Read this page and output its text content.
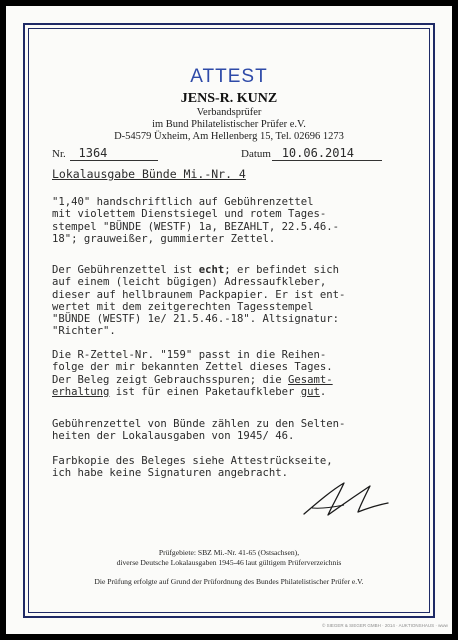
ATTEST
JENS-R. KUNZ
Verbandsprüfer
im Bund Philatelistischer Prüfer e.V.
D-54579 Üxheim, Am Hellenberg 15, Tel. 02696 1273
Nr. 1364	Datum 10.06.2014
Lokalausgabe Bünde Mi.-Nr. 4
"1,40" handschriftlich auf Gebührenzettel
mit violettem Dienstsiegel und rotem Tages-
stempel "BÜNDE (WESTF) 1a, BEZAHLT, 22.5.46.-
18"; grauweißer, gummierter Zettel.
Der Gebührenzettel ist echt; er befindet sich
auf einem (leicht bügigen) Adressaufkleber,
dieser auf hellbraunem Packpapier. Er ist ent-
wertet mit dem zeitgerechten Tagesstempel
"BÜNDE (WESTF) 1e/ 21.5.46.-18". Altsignatur:
"Richter".
Die R-Zettel-Nr. "159" passt in die Reihen-
folge der mir bekannten Zettel dieses Tages.
Der Beleg zeigt Gebrauchsspuren; die Gesamt-
erhaltung ist für einen Paketaufkleber gut.
Gebührenzettel von Bünde zählen zu den Selten-
heiten der Lokalausgaben von 1945/ 46.
Farbkopie des Beleges siehe Attestrückseite,
ich habe keine Signaturen angebracht.
Prüfgebiete: SBZ Mi.-Nr. 41-65 (Ostsachsen),
diverse Deutsche Lokalausgaben 1945-46 laut gültigem Prüferverzeichnis
Die Prüfung erfolgte auf Grund der Prüfordnung des Bundes Philatelistischer Prüfer e.V.
© SIEGER & SIEGER GMBH · 2014 · AUKTIONSHAUS · www
